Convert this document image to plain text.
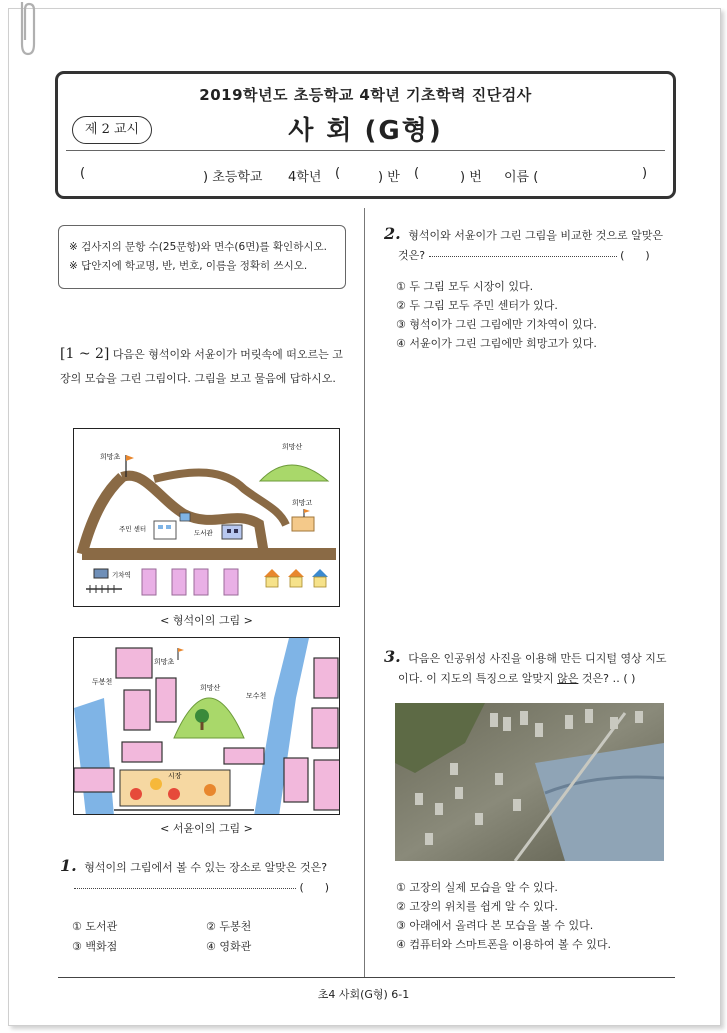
2019학년도 초등학교 4학년 기초학력 진단검사
제 2 교시	사 회 (G형)
(	) 초등학교 4학년 (	) 반 (	) 번 이름 (	)
※ 검사지의 문항 수(25문항)와 면수(6면)를 확인하시오.
※ 답안지에 학교명, 반, 번호, 이름을 정확히 쓰시오.
[1 ~ 2] 다음은 형석이와 서윤이가 머릿속에 떠오르는 고장의 모습을 그린 그림이다. 그림을 보고 물음에 답하시오.
희망초
희망산
희망고
주민 센터	도서관
기차역
< 형석이의 그림 >
희망초
희망산
두봉천
모수천
시장
< 서윤이의 그림 >
1. 형석이의 그림에서 볼 수 있는 장소로 알맞은 것은?
(      )
① 도서관	② 두봉천
③ 백화점	④ 영화관
2. 형석이와 서윤이가 그린 그림을 비교한 것으로 알맞은
것은?	(      )
① 두 그림 모두 시장이 있다.
② 두 그림 모두 주민 센터가 있다.
③ 형석이가 그린 그림에만 기차역이 있다.
④ 서윤이가 그린 그림에만 희망고가 있다.
3. 다음은 인공위성 사진을 이용해 만든 디지털 영상 지도
이다. 이 지도의 특징으로 알맞지 않은 것은? ‥ ( )
① 고장의 실제 모습을 알 수 있다.
② 고장의 위치를 쉽게 알 수 있다.
③ 아래에서 올려다 본 모습을 볼 수 있다.
④ 컴퓨터와 스마트폰을 이용하여 볼 수 있다.
초4 사회(G형) 6-1
